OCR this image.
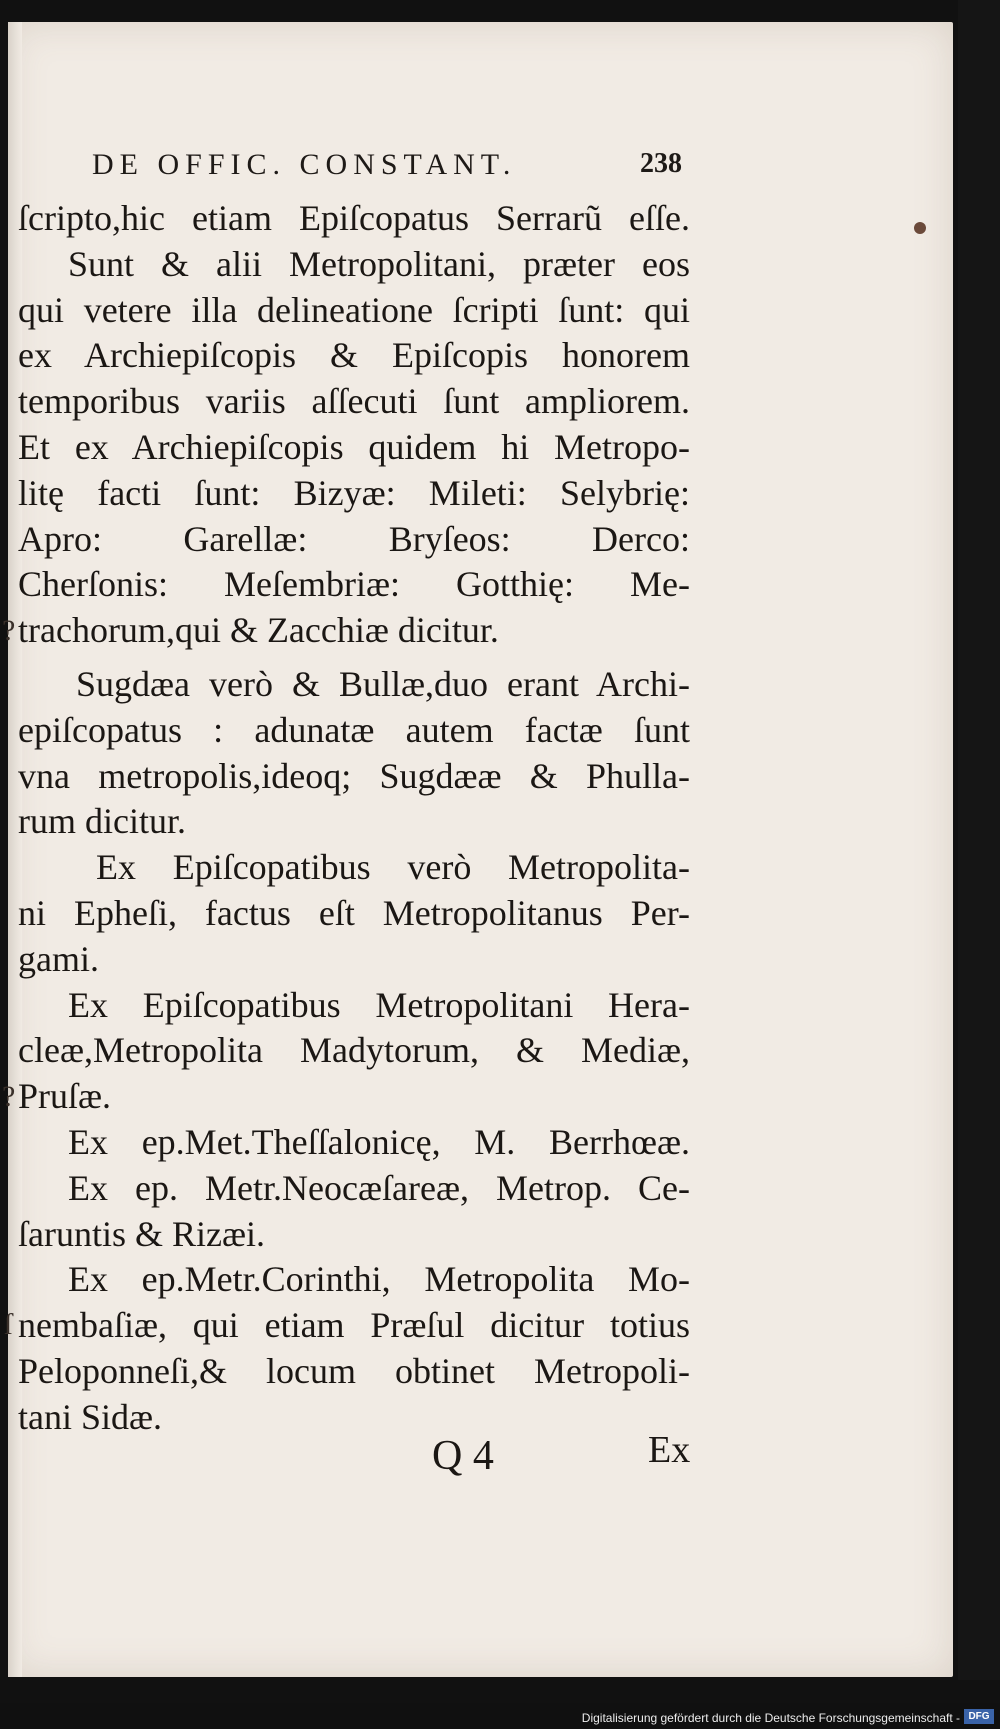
DE OFFIC. CONSTANT.	238
ſcripto,hic etiam Epiſcopatus Serrarũ eſſe.
Sunt & alii Metropolitani, præter eos
qui vetere illa delineatione ſcripti ſunt: qui
ex Archiepiſcopis & Epiſcopis honorem
temporibus variis aſſecuti ſunt ampliorem.
Et ex Archiepiſcopis quidem hi Metropo-
litę facti ſunt: Bizyæ: Mileti: Selybrię:
Apro: Garellæ: Bryſeos: Derco:
Cherſonis: Meſembriæ: Gotthię: Me-
trachorum,qui & Zacchiæ dicitur.
Sugdæa verò & Bullæ,duo erant Archi-
epiſcopatus : adunatæ autem factæ ſunt
vna metropolis,ideoq; Sugdææ & Phulla-
rum dicitur.
Ex Epiſcopatibus verò Metropolita-
ni Epheſi, factus eſt Metropolitanus Per-
gami.
Ex Epiſcopatibus Metropolitani Hera-
cleæ,Metropolita Madytorum, & Mediæ,
Pruſæ.
Ex ep.Met.Theſſalonicę, M. Berrhœæ.
Ex ep. Metr.Neocæſareæ, Metrop. Ce-
ſaruntis & Rizæi.
Ex ep.Metr.Corinthi, Metropolita Mo-
nembaſiæ, qui etiam Præſul dicitur totius
Peloponneſi,& locum obtinet Metropoli-
tani Sidæ.
Q 4	Ex
?
?
ſ
Digitalisierung gefördert durch die Deutsche Forschungsgemeinschaft - DFG
